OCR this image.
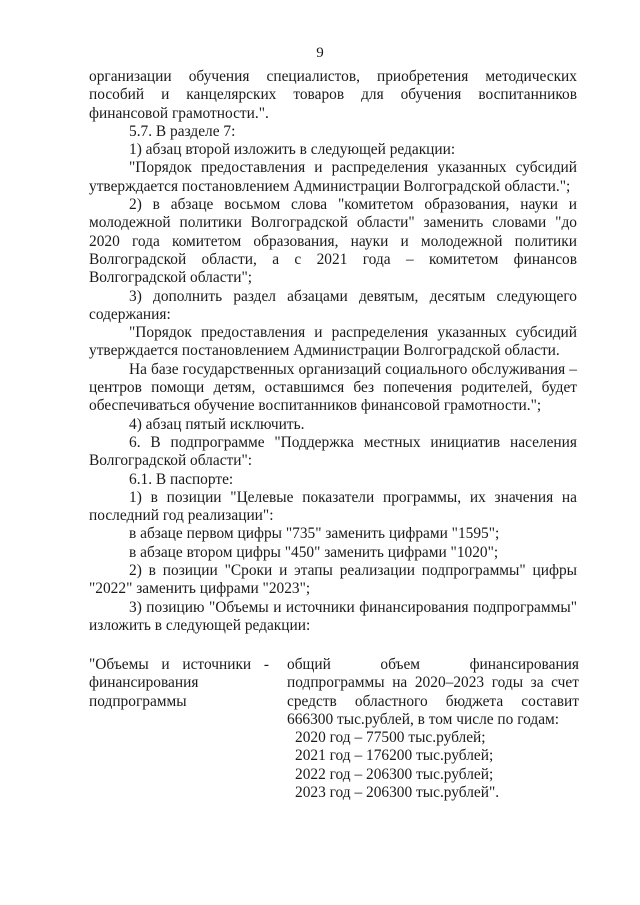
9

организации обучения специалистов, приобретения методических пособий и канцелярских товаров для обучения воспитанников финансовой грамотности.".

5.7. В разделе 7:

1) абзац второй изложить в следующей редакции:

"Порядок предоставления и распределения указанных субсидий утверждается постановлением Администрации Волгоградской области.";

2) в абзаце восьмом слова "комитетом образования, науки и молодежной политики Волгоградской области" заменить словами "до 2020 года комитетом образования, науки и молодежной политики Волгоградской области, а с 2021 года – комитетом финансов Волгоградской области";

3) дополнить раздел абзацами девятым, десятым следующего содержания:

"Порядок предоставления и распределения указанных субсидий утверждается постановлением Администрации Волгоградской области.

На базе государственных организаций социального обслуживания – центров помощи детям, оставшимся без попечения родителей, будет обеспечиваться обучение воспитанников финансовой грамотности.";

4) абзац пятый исключить.

6. В подпрограмме "Поддержка местных инициатив населения Волгоградской области":

6.1. В паспорте:

1) в позиции "Целевые показатели программы, их значения на последний год реализации":

в абзаце первом цифры "735" заменить цифрами "1595";

в абзаце втором цифры "450" заменить цифрами "1020";

2) в позиции "Сроки и этапы реализации подпрограммы" цифры "2022" заменить цифрами "2023";

3) позицию "Объемы и источники финансирования подпрограммы" изложить в следующей редакции:

"Объемы и источники - финансирования подпрограммы

общий объем финансирования подпрограммы на 2020–2023 годы за счет средств областного бюджета составит 666300 тыс.рублей, в том числе по годам:

2020 год – 77500 тыс.рублей;

2021 год – 176200 тыс.рублей;

2022 год – 206300 тыс.рублей;

2023 год – 206300 тыс.рублей".
